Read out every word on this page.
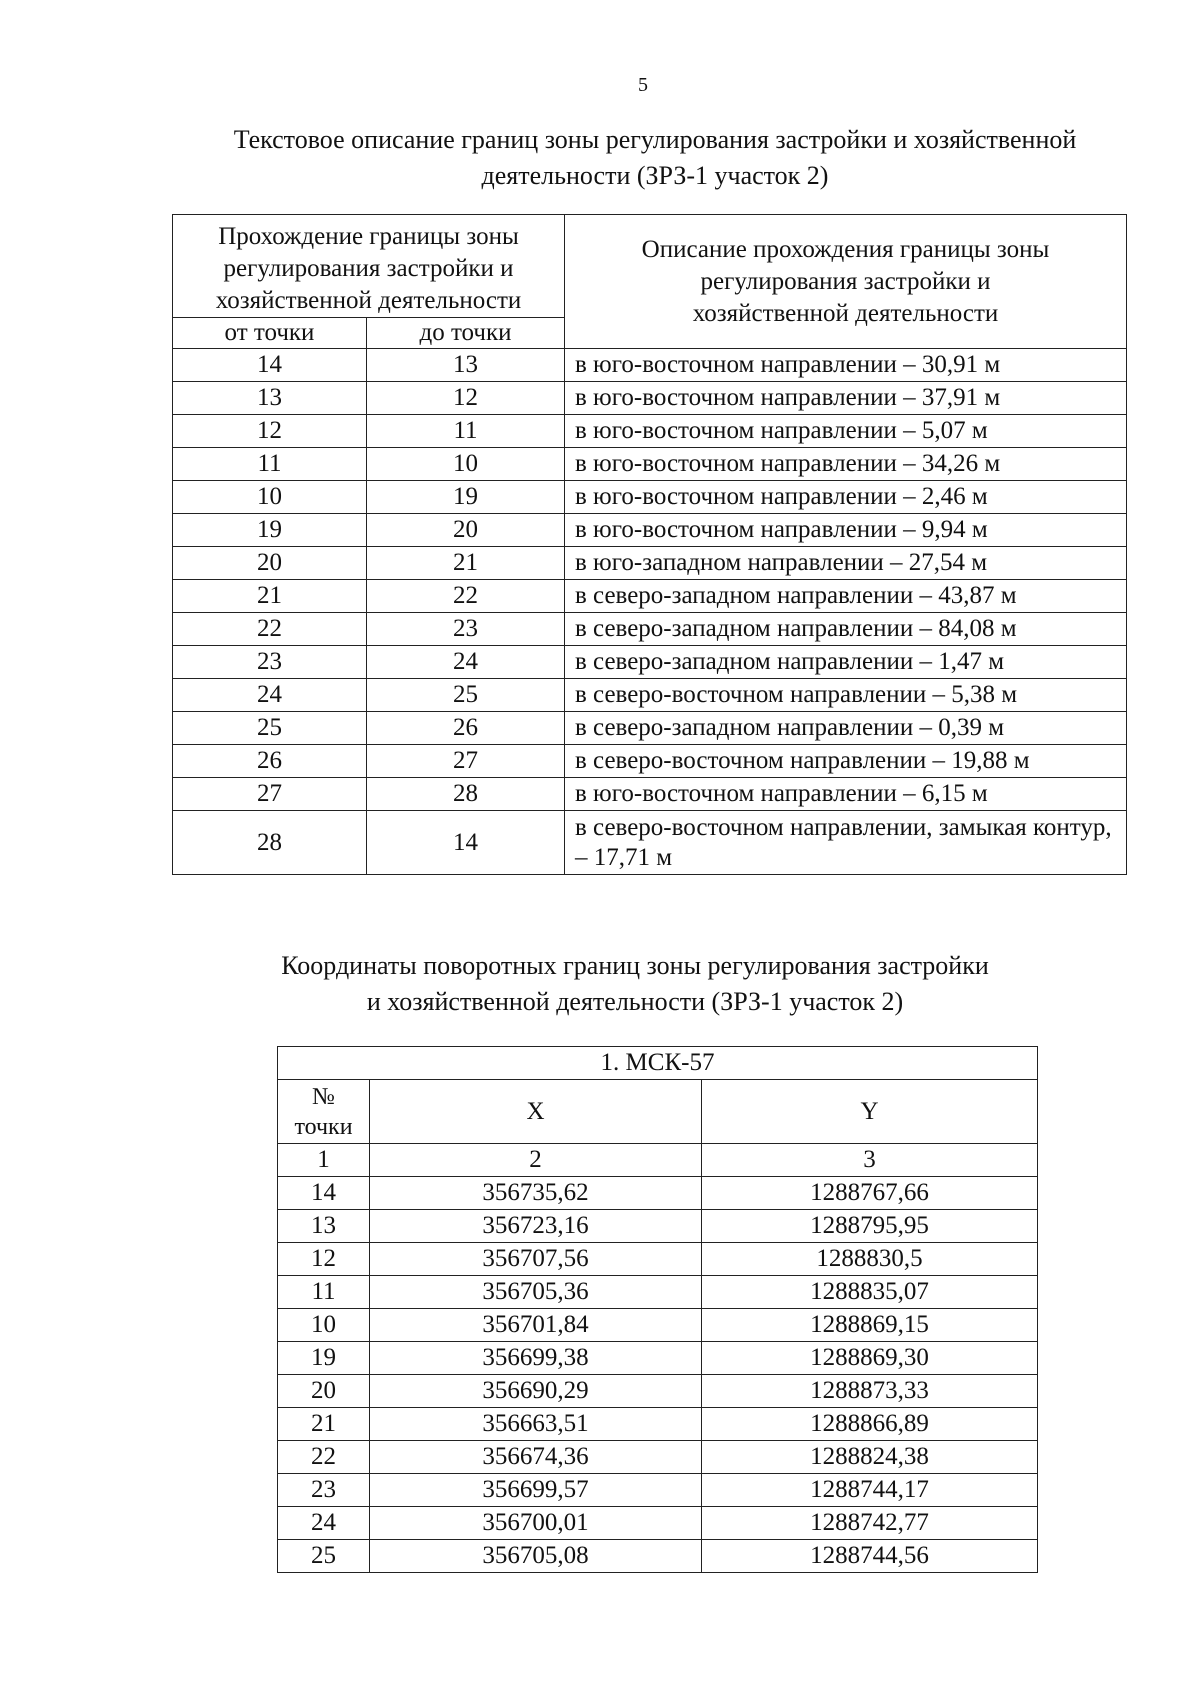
5
Текстовое описание границ зоны регулирования застройки и хозяйственной
деятельности (ЗРЗ-1 участок 2)
Прохождение границы зоны регулирования застройки и хозяйственной деятельности		Описание прохождения границы зоны регулирования застройки и хозяйственной деятельности
от точки	до точки	
14	13	в юго-восточном направлении – 30,91 м
13	12	в юго-восточном направлении – 37,91 м
12	11	в юго-восточном направлении – 5,07 м
11	10	в юго-восточном направлении – 34,26 м
10	19	в юго-восточном направлении – 2,46 м
19	20	в юго-восточном направлении – 9,94 м
20	21	в юго-западном направлении – 27,54 м
21	22	в северо-западном направлении – 43,87 м
22	23	в северо-западном направлении – 84,08 м
23	24	в северо-западном направлении – 1,47 м
24	25	в северо-восточном направлении – 5,38 м
25	26	в северо-западном направлении – 0,39 м
26	27	в северо-восточном направлении – 19,88 м
27	28	в юго-восточном направлении – 6,15 м
28	14	в северо-восточном направлении, замыкая контур, – 17,71 м
Координаты поворотных границ зоны регулирования застройки
и хозяйственной деятельности (ЗРЗ-1 участок 2)
1. МСК-57		
№ точки	X	Y
1	2	3
14	356735,62	1288767,66
13	356723,16	1288795,95
12	356707,56	1288830,5
11	356705,36	1288835,07
10	356701,84	1288869,15
19	356699,38	1288869,30
20	356690,29	1288873,33
21	356663,51	1288866,89
22	356674,36	1288824,38
23	356699,57	1288744,17
24	356700,01	1288742,77
25	356705,08	1288744,56
